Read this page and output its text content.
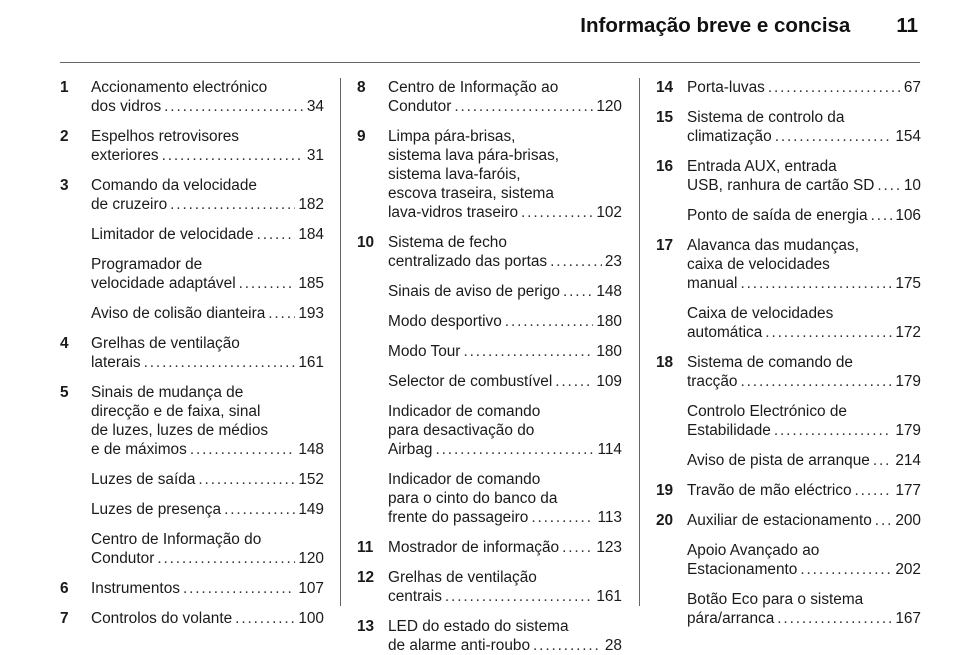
Informação breve e concisa 11
1	Accionamento electrónico
dos vidros . . .	34
2	Espelhos retrovisores
exteriores . . .	31
3	Comando da velocidade
de cruzeiro . . .	182
Limitador de velocidade . . .	184
Programador de
velocidade adaptável . . .	185
Aviso de colisão dianteira . . . 193
4	Grelhas de ventilação
laterais . . .	161
5	Sinais de mudança de
direcção e de faixa, sinal
de luzes, luzes de médios
e de máximos . . .	148
Luzes de saída . . .	152
Luzes de presença . . .	149
Centro de Informação do
Condutor . . .	120
6	Instrumentos . . .	107
7	Controlos do volante . . .	100
8	Centro de Informação ao
Condutor . . .	120
9	Limpa pára-brisas,
sistema lava pára-brisas,
sistema lava-faróis,
escova traseira, sistema
lava-vidros traseiro . . .	102
10 Sistema de fecho
centralizado das portas . . .	23
Sinais de aviso de perigo . . . 148
Modo desportivo . . .	180
Modo Tour . . .	180
Selector de combustível . . .	109
Indicador de comando
para desactivação do
Airbag . . .	114
Indicador de comando
para o cinto do banco da
frente do passageiro . . .	113
11 Mostrador de informação . . . 123
12 Grelhas de ventilação
centrais . . .	161
13 LED do estado do sistema
de alarme anti-roubo . . .	28
14 Porta-luvas . . .	67
15 Sistema de controlo da
climatização . . .	154
16 Entrada AUX, entrada
USB, ranhura de cartão SD . . . 10
Ponto de saída de energia . . . 106
17 Alavanca das mudanças,
caixa de velocidades
manual . . .	175
Caixa de velocidades
automática . . .	172
18 Sistema de comando de
tracção . . .	179
Controlo Electrónico de
Estabilidade . . .	179
Aviso de pista de arranque . . . 214
19 Travão de mão eléctrico . . .	177
20 Auxiliar de estacionamento . . . 200
Apoio Avançado ao
Estacionamento . . .	202
Botão Eco para o sistema
pára/arranca . . .	167
